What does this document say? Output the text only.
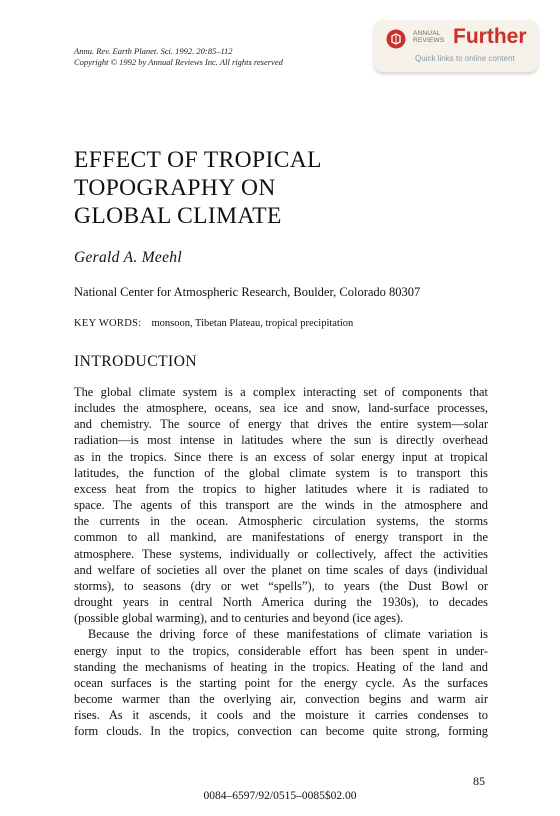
Annu. Rev. Earth Planet. Sci. 1992. 20:85–112
Copyright © 1992 by Annual Reviews Inc. All rights reserved
ANNUAL
REVIEWS Further
Quick links to online content
EFFECT OF TROPICAL
TOPOGRAPHY ON
GLOBAL CLIMATE
Gerald A. Meehl
National Center for Atmospheric Research, Boulder, Colorado 80307
KEY WORDS: monsoon, Tibetan Plateau, tropical precipitation
INTRODUCTION
The global climate system is a complex interacting set of components that
includes the atmosphere, oceans, sea ice and snow, land-surface processes,
and chemistry. The source of energy that drives the entire system—solar
radiation—is most intense in latitudes where the sun is directly overhead
as in the tropics. Since there is an excess of solar energy input at tropical
latitudes, the function of the global climate system is to transport this
excess heat from the tropics to higher latitudes where it is radiated to
space. The agents of this transport are the winds in the atmosphere and
the currents in the ocean. Atmospheric circulation systems, the storms
common to all mankind, are manifestations of energy transport in the
atmosphere. These systems, individually or collectively, affect the activities
and welfare of societies all over the planet on time scales of days (individual
storms), to seasons (dry or wet “spells”), to years (the Dust Bowl or
drought years in central North America during the 1930s), to decades
(possible global warming), and to centuries and beyond (ice ages).
Because the driving force of these manifestations of climate variation is
energy input to the tropics, considerable effort has been spent in under-
standing the mechanisms of heating in the tropics. Heating of the land and
ocean surfaces is the starting point for the energy cycle. As the surfaces
become warmer than the overlying air, convection begins and warm air
rises. As it ascends, it cools and the moisture it carries condenses to
form clouds. In the tropics, convection can become quite strong, forming
85
0084–6597/92/0515–0085$02.00
